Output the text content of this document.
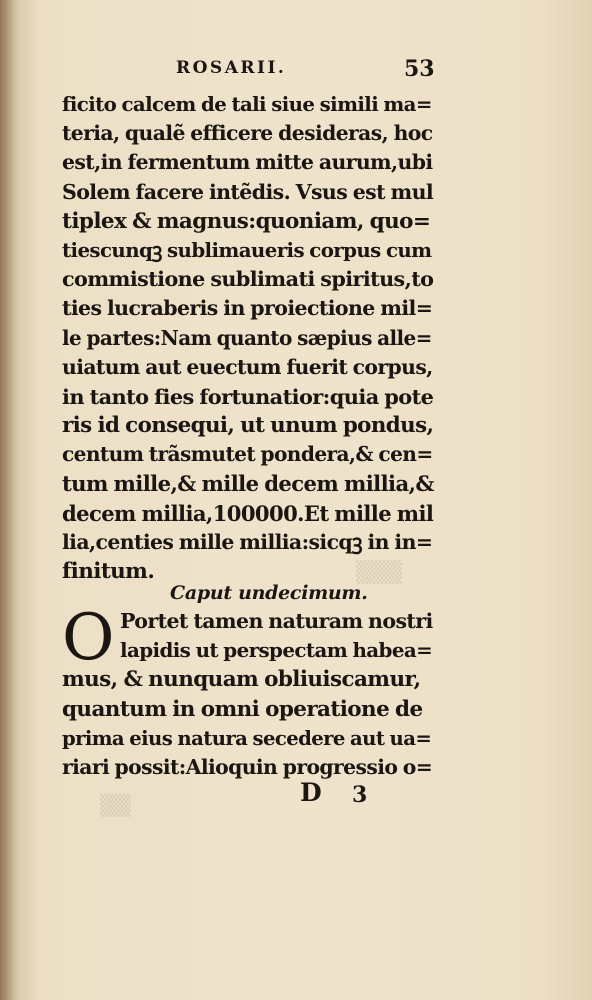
▒▒▒
▒▒
ROSARII.	53
ficito calcem de tali siue simili ma=
teria, qualẽ efficere desideras, hoc
est,in fermentum mitte aurum,ubi
Solem facere intẽdis. Vsus est mul
tiplex & magnus:quoniam, quo=
tiescunqꝫ sublimaueris corpus cum
commistione sublimati spiritus,to
ties lucraberis in proiectione mil=
le partes:Nam quanto sæpius alle=
uiatum aut euectum fuerit corpus,
in tanto fies fortunatior:quia pote
ris id consequi, ut unum pondus,
centum trãsmutet pondera,& cen=
tum mille,& mille decem millia,&
decem millia,100000.Et mille mil
lia,centies mille millia:sicqꝫ in in=
finitum.
Caput undecimum.
O Portet tamen naturam nostri
lapidis ut perspectam habea=
mus, & nunquam obliuiscamur,
quantum in omni operatione de
prima eius natura secedere aut ua=
riari possit:Alioquin progressio o=
D 3
